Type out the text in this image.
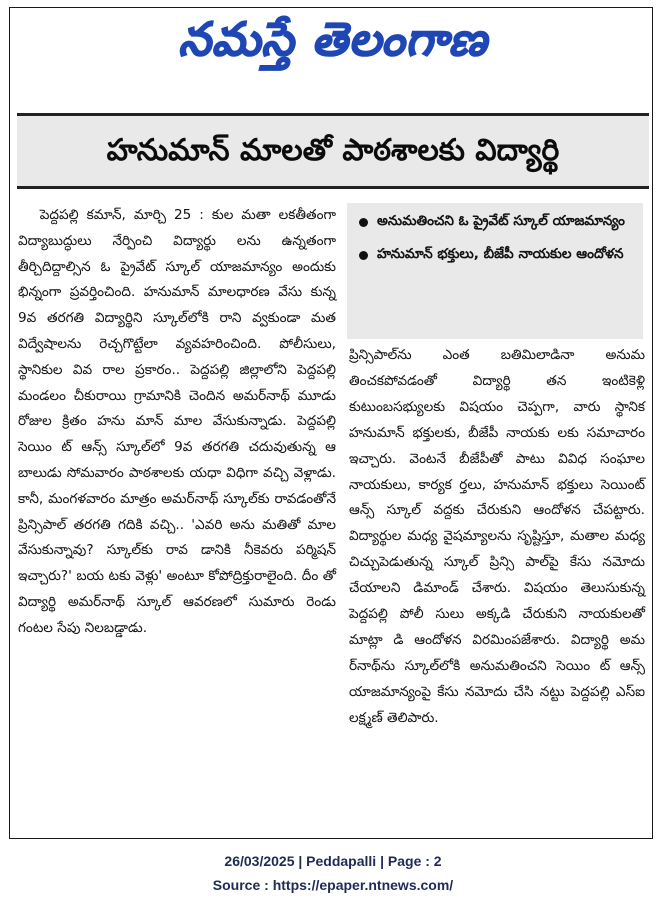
నమస్తే తెలంగాణ
హనుమాన్ మాలతో పాఠశాలకు విద్యార్థి

పెద్దపల్లి కమాన్, మార్చి 25 : కుల మతా లకతీతంగా విద్యాబుద్ధులు నేర్పించి విద్యార్థు లను ఉన్నతంగా తీర్చిదిద్దాల్సిన ఓ ప్రైవేట్ స్కూల్ యాజమాన్యం అందుకు భిన్నంగా ప్రవర్తించింది. హనుమాన్ మాలధారణ వేసు కున్న 9వ తరగతి విద్యార్థిని స్కూల్‌లోకి రాని వ్వకుండా మత విద్వేషాలను రెచ్చగొట్టేలా వ్యవహరించింది. పోలీసులు, స్థానికుల వివ రాల ప్రకారం.. పెద్దపల్లి జిల్లాలోని పెద్దపల్లి మండలం చీకురాయి గ్రామానికి చెందిన అమర్‌నాథ్ మూడు రోజుల క్రితం హను మాన్ మాల వేసుకున్నాడు. పెద్దపల్లి సెయిం ట్ ఆన్స్ స్కూల్‌లో 9వ తరగతి చదువుతున్న ఆ బాలుడు సోమవారం పాఠశాలకు యధా విధిగా వచ్చి వెళ్లాడు. కానీ, మంగళవారం మాత్రం అమర్‌నాథ్ స్కూల్‌కు రావడంతోనే ప్రిన్సిపాల్ తరగతి గదికి వచ్చి.. 'ఎవరి అను మతితో మాల వేసుకున్నావు? స్కూల్‌కు రావ డానికి నీకెవరు పర్మిషన్ ఇచ్చారు?' బయ టకు వెళ్లు' అంటూ కోపోద్రిక్తురాలైంది. దీం తో విద్యార్థి అమర్‌నాథ్ స్కూల్ ఆవరణలో సుమారు రెండు గంటల సేపు నిలబడ్డాడు.

అనుమతించని ఓ ప్రైవేట్ స్కూల్ యాజమాన్యం
హనుమాన్ భక్తులు, బీజేపీ నాయకుల ఆందోళన

ప్రిన్సిపాల్‌ను ఎంత బతిమిలాడినా అనుమ తించకపోవడంతో విద్యార్థి తన ఇంటికెళ్లి కుటుంబసభ్యులకు విషయం చెప్పగా, వారు స్థానిక హనుమాన్ భక్తులకు, బీజేపీ నాయకు లకు సమాచారం ఇచ్చారు. వెంటనే బీజేపీతో పాటు వివిధ సంఘాల నాయకులు, కార్యక ర్తలు, హనుమాన్ భక్తులు సెయింట్ ఆన్స్ స్కూల్ వద్దకు చేరుకుని ఆందోళన చేపట్టారు. విద్యార్థుల మధ్య వైషమ్యాలను సృష్టిస్తూ, మతాల మధ్య చిచ్చుపెడుతున్న స్కూల్ ప్రిన్సి పాల్‌పై కేసు నమోదు చేయాలని డిమాండ్ చేశారు. విషయం తెలుసుకున్న పెద్దపల్లి పోలీ సులు అక్కడి చేరుకుని నాయకులతో మాట్లా డి ఆందోళన విరమింపజేశారు. విద్యార్థి అమ ర్‌నాథ్‌ను స్కూల్‌లోకి అనుమతించని సెయిం ట్ ఆన్స్ యాజమాన్యంపై కేసు నమోదు చేసి నట్టు పెద్దపల్లి ఎస్‌ఐ లక్ష్మణ్ తెలిపారు.

26/03/2025 | Peddapalli | Page : 2
Source : https://epaper.ntnews.com/
